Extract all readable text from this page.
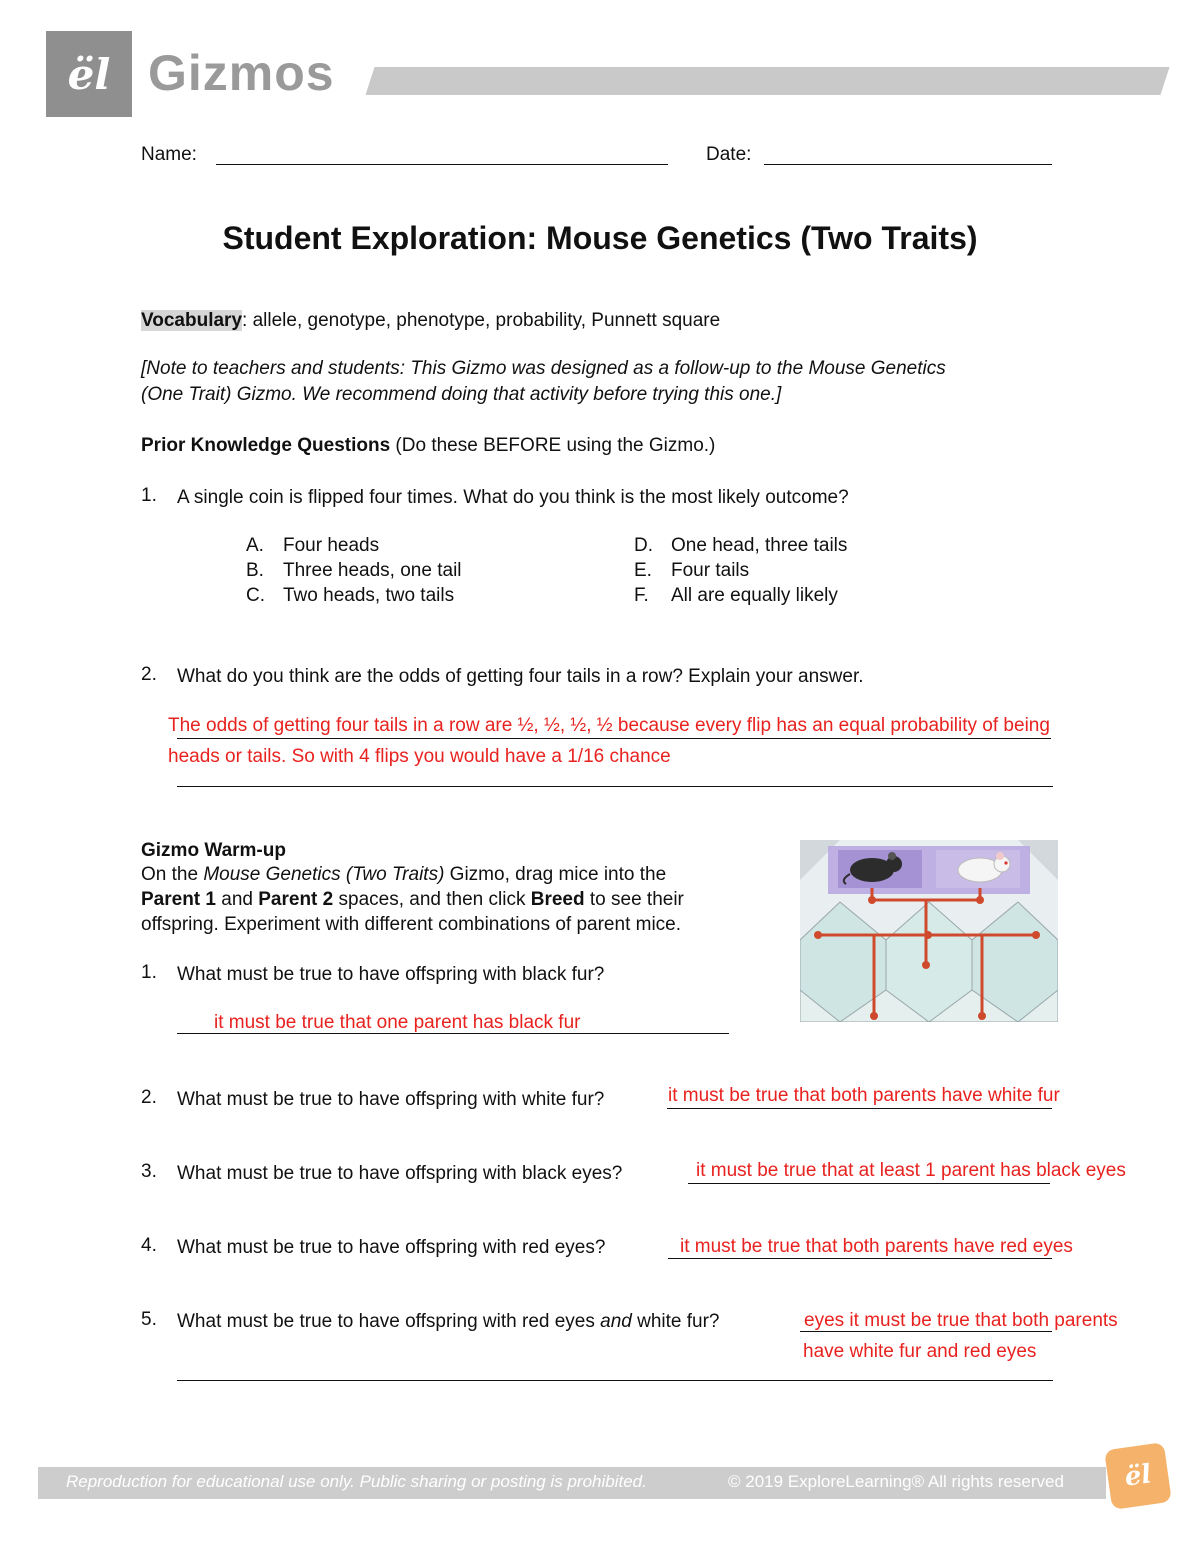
ël Gizmos
Name:	Date:
Student Exploration: Mouse Genetics (Two Traits)
Vocabulary: allele, genotype, phenotype, probability, Punnett square
[Note to teachers and students: This Gizmo was designed as a follow-up to the Mouse Genetics
(One Trait) Gizmo. We recommend doing that activity before trying this one.]
Prior Knowledge Questions (Do these BEFORE using the Gizmo.)
1. A single coin is flipped four times. What do you think is the most likely outcome?
A. Four heads
B. Three heads, one tail
C. Two heads, two tails
D. One head, three tails
E. Four tails
F. All are equally likely
2. What do you think are the odds of getting four tails in a row? Explain your answer.
The odds of getting four tails in a row are ½, ½, ½, ½ because every flip has an equal probability of being
heads or tails. So with 4 flips you would have a 1/16 chance
Gizmo Warm-up
On the Mouse Genetics (Two Traits) Gizmo, drag mice into the
Parent 1 and Parent 2 spaces, and then click Breed to see their
offspring. Experiment with different combinations of parent mice.
1. What must be true to have offspring with black fur?
it must be true that one parent has black fur
2. What must be true to have offspring with white fur?	it must be true that both parents have white fur
3. What must be true to have offspring with black eyes?	it must be true that at least 1 parent has black eyes
4. What must be true to have offspring with red eyes?	it must be true that both parents have red eyes
5. What must be true to have offspring with red eyes and white fur?	eyes it must be true that both parents
have white fur and red eyes
Reproduction for educational use only. Public sharing or posting is prohibited.	© 2019 ExploreLearning® All rights reserved ël
